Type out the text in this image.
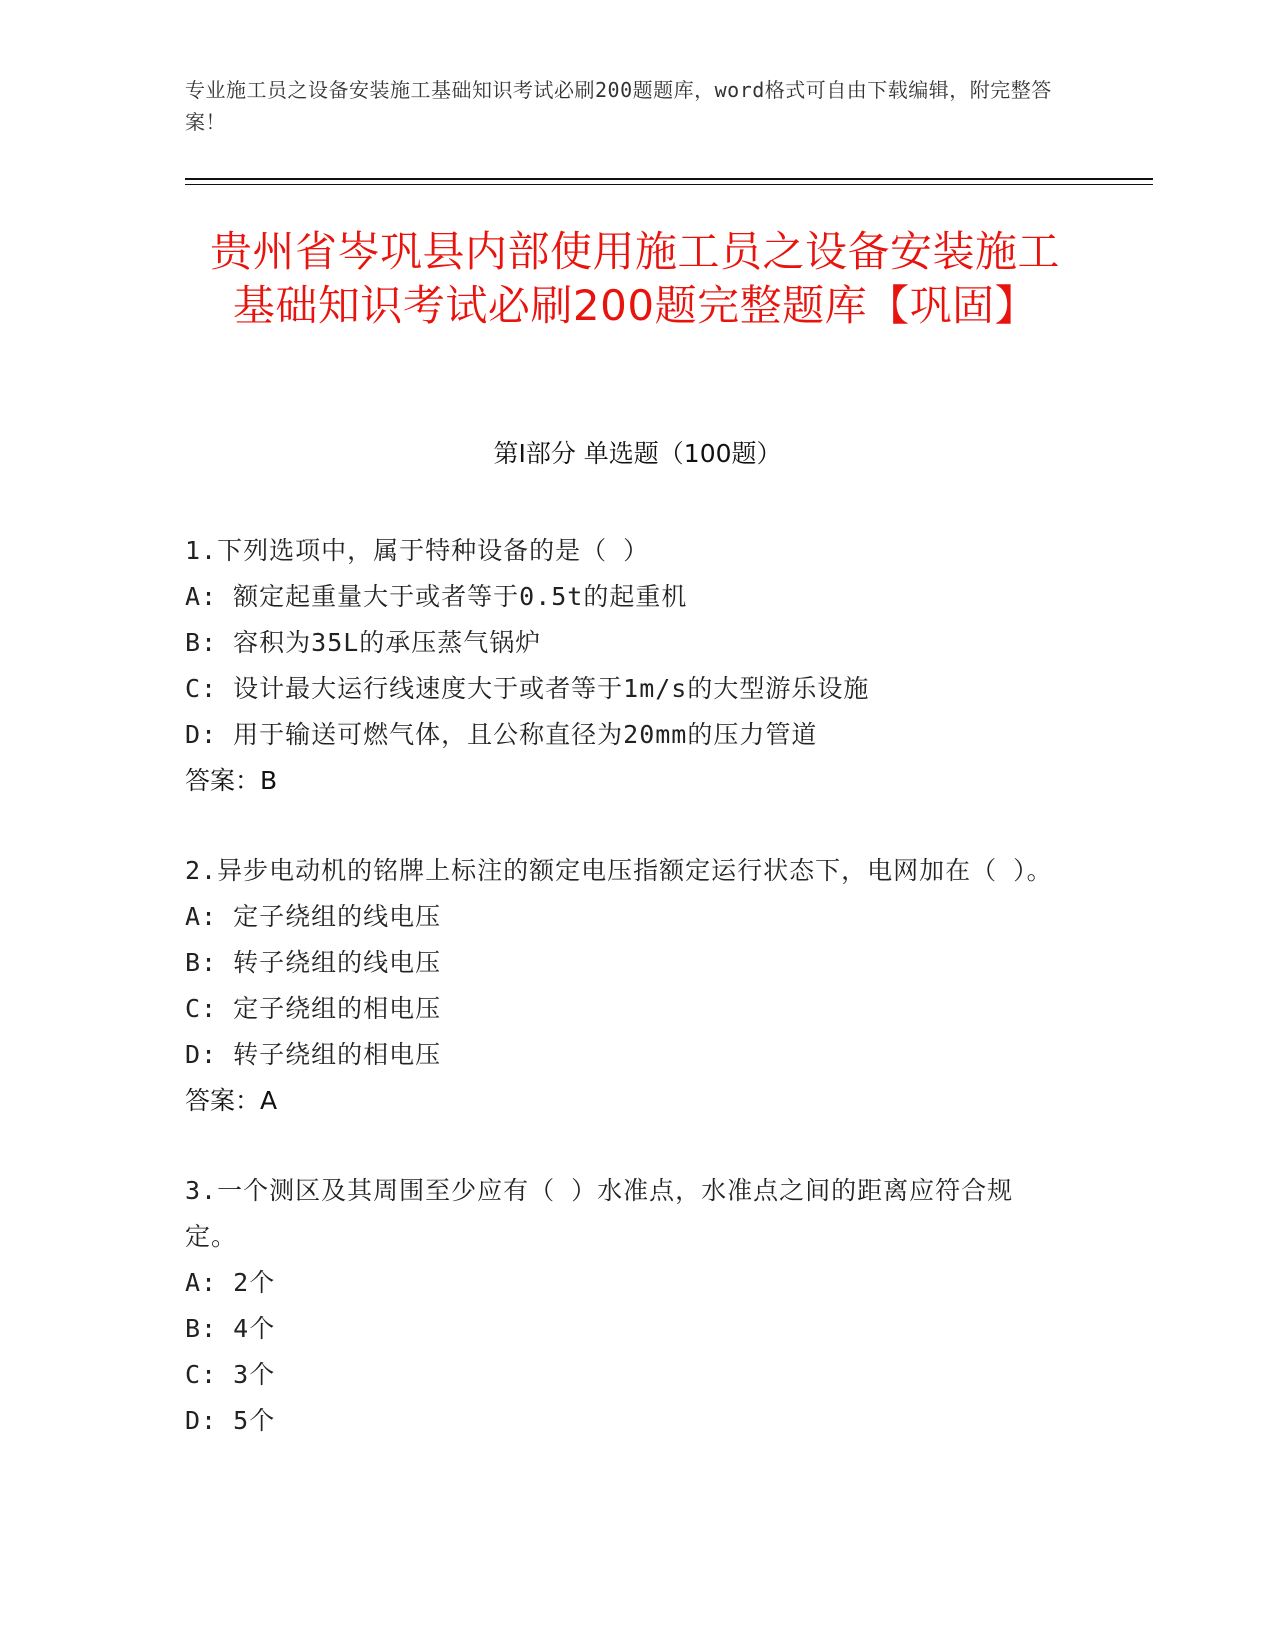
专业施工员之设备安装施工基础知识考试必刷200题题库，word格式可自由下载编辑，附完整答案！
贵州省岑巩县内部使用施工员之设备安装施工基础知识考试必刷200题完整题库【巩固】
第Ⅰ部分 单选题（100题）
1.下列选项中，属于特种设备的是（ ）
A: 额定起重量大于或者等于0.5t的起重机
B: 容积为35L的承压蒸气锅炉
C: 设计最大运行线速度大于或者等于1m/s的大型游乐设施
D: 用于输送可燃气体，且公称直径为20mm的压力管道
答案：B
2.异步电动机的铭牌上标注的额定电压指额定运行状态下，电网加在（ ）。
A: 定子绕组的线电压
B: 转子绕组的线电压
C: 定子绕组的相电压
D: 转子绕组的相电压
答案：A
3.一个测区及其周围至少应有（ ）水准点，水准点之间的距离应符合规定。
A: 2个
B: 4个
C: 3个
D: 5个
